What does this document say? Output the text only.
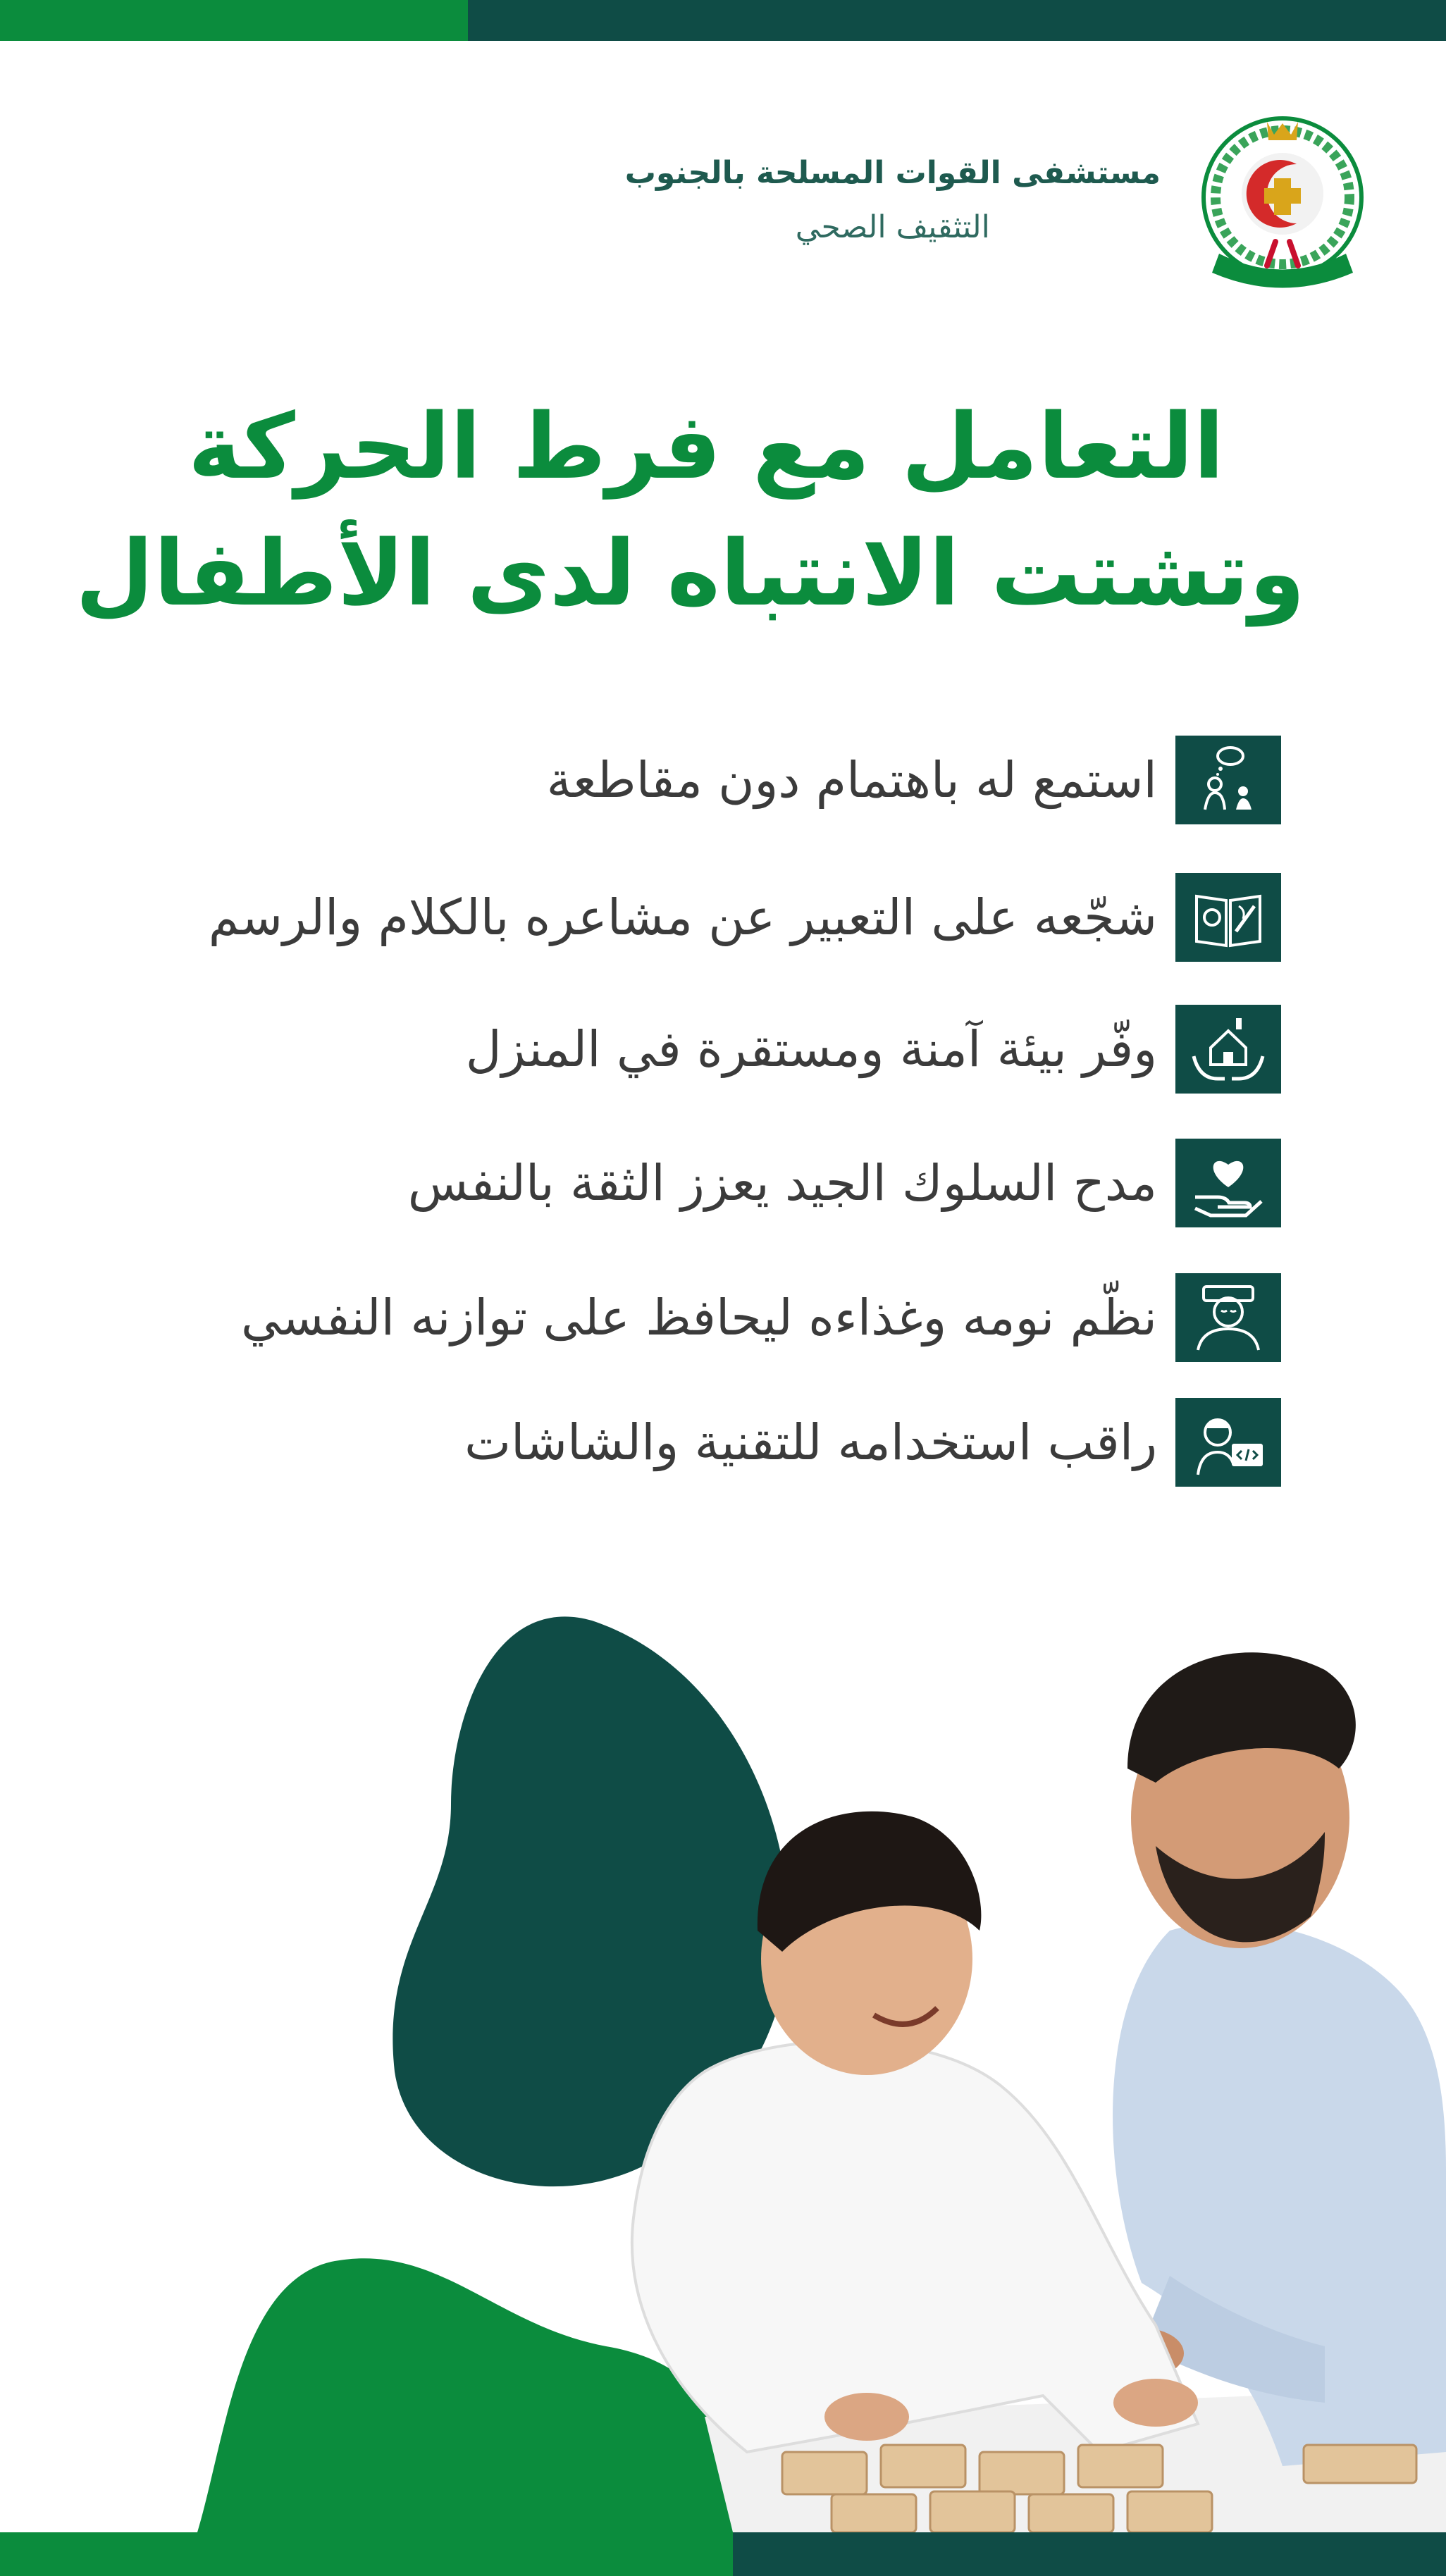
مستشفى القوات المسلحة بالجنوب
التثقيف الصحي
التعامل مع فرط الحركة
وتشتت الانتباه لدى الأطفال
استمع له باهتمام دون مقاطعة
شجّعه على التعبير عن مشاعره بالكلام والرسم
وفّر بيئة آمنة ومستقرة في المنزل
مدح السلوك الجيد يعزز الثقة بالنفس
نظّم نومه وغذاءه ليحافظ على توازنه النفسي
راقب استخدامه للتقنية والشاشات
